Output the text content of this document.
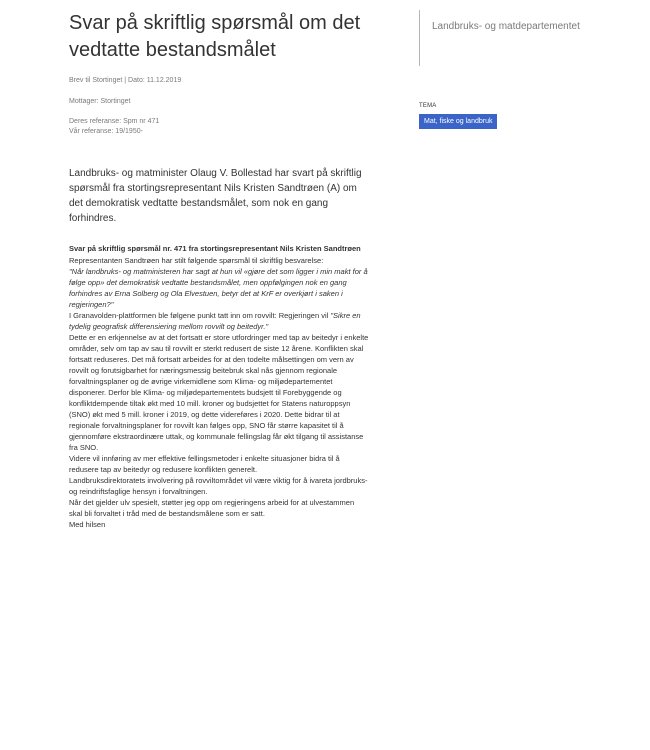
Svar på skriftlig spørsmål om det vedtatte bestandsmålet
Brev til Stortinget | Dato: 11.12.2019
Mottager: Stortinget
Deres referanse: Spm nr 471
Vår referanse: 19/1950-
Landbruks- og matminister Olaug V. Bollestad har svart på skriftlig spørsmål fra stortingsrepresentant Nils Kristen Sandtrøen (A) om det demokratisk vedtatte bestandsmålet, som nok en gang forhindres.
Svar på skriftlig spørsmål nr. 471 fra stortingsrepresentant Nils Kristen Sandtrøen

Representanten Sandtrøen har stilt følgende spørsmål til skriftlig besvarelse:

"Når landbruks- og matministeren har sagt at hun vil «gjøre det som ligger i min makt for å følge opp» det demokratisk vedtatte bestandsmålet, men oppfølgingen nok en gang forhindres av Erna Solberg og Ola Elvestuen, betyr det at KrF er overkjørt i saken i regjeringen?"

I Granavolden-plattformen ble følgene punkt tatt inn om rovvilt: Regjeringen vil "Sikre en tydelig geografisk differensiering mellom rovvilt og beitedyr."

Dette er en erkjennelse av at det fortsatt er store utfordringer med tap av beitedyr i enkelte områder, selv om tap av sau til rovvilt er sterkt redusert de siste 12 årene. Konflikten skal fortsatt reduseres. Det må fortsatt arbeides for at den todelte målsettingen om vern av rovvilt og forutsigbarhet for næringsmessig beitebruk skal nås gjennom regionale forvaltningsplaner og de øvrige virkemidlene som Klima- og miljødepartementet disponerer. Derfor ble Klima- og miljødepartementets budsjett til Forebyggende og konfliktdempende tiltak økt med 10 mill. kroner og budsjettet for Statens naturoppsyn (SNO) økt med 5 mill. kroner i 2019, og dette videreføres i 2020. Dette bidrar til at regionale forvaltningsplaner for rovvilt kan følges opp, SNO får større kapasitet til å gjennomføre ekstraordinære uttak, og kommunale fellingslag får økt tilgang til assistanse fra SNO.

Videre vil innføring av mer effektive fellingsmetoder i enkelte situasjoner bidra til å redusere tap av beitedyr og redusere konflikten generelt.

Landbruksdirektoratets involvering på rovviltområdet vil være viktig for å ivareta jordbruks- og reindriftsfaglige hensyn i forvaltningen.

Når det gjelder ulv spesielt, støtter jeg opp om regjeringens arbeid for at ulvestammen skal bli forvaltet i tråd med de bestandsmålene som er satt.

Med hilsen

Landbruks- og matdepartementet
TEMA
Mat, fiske og landbruk
